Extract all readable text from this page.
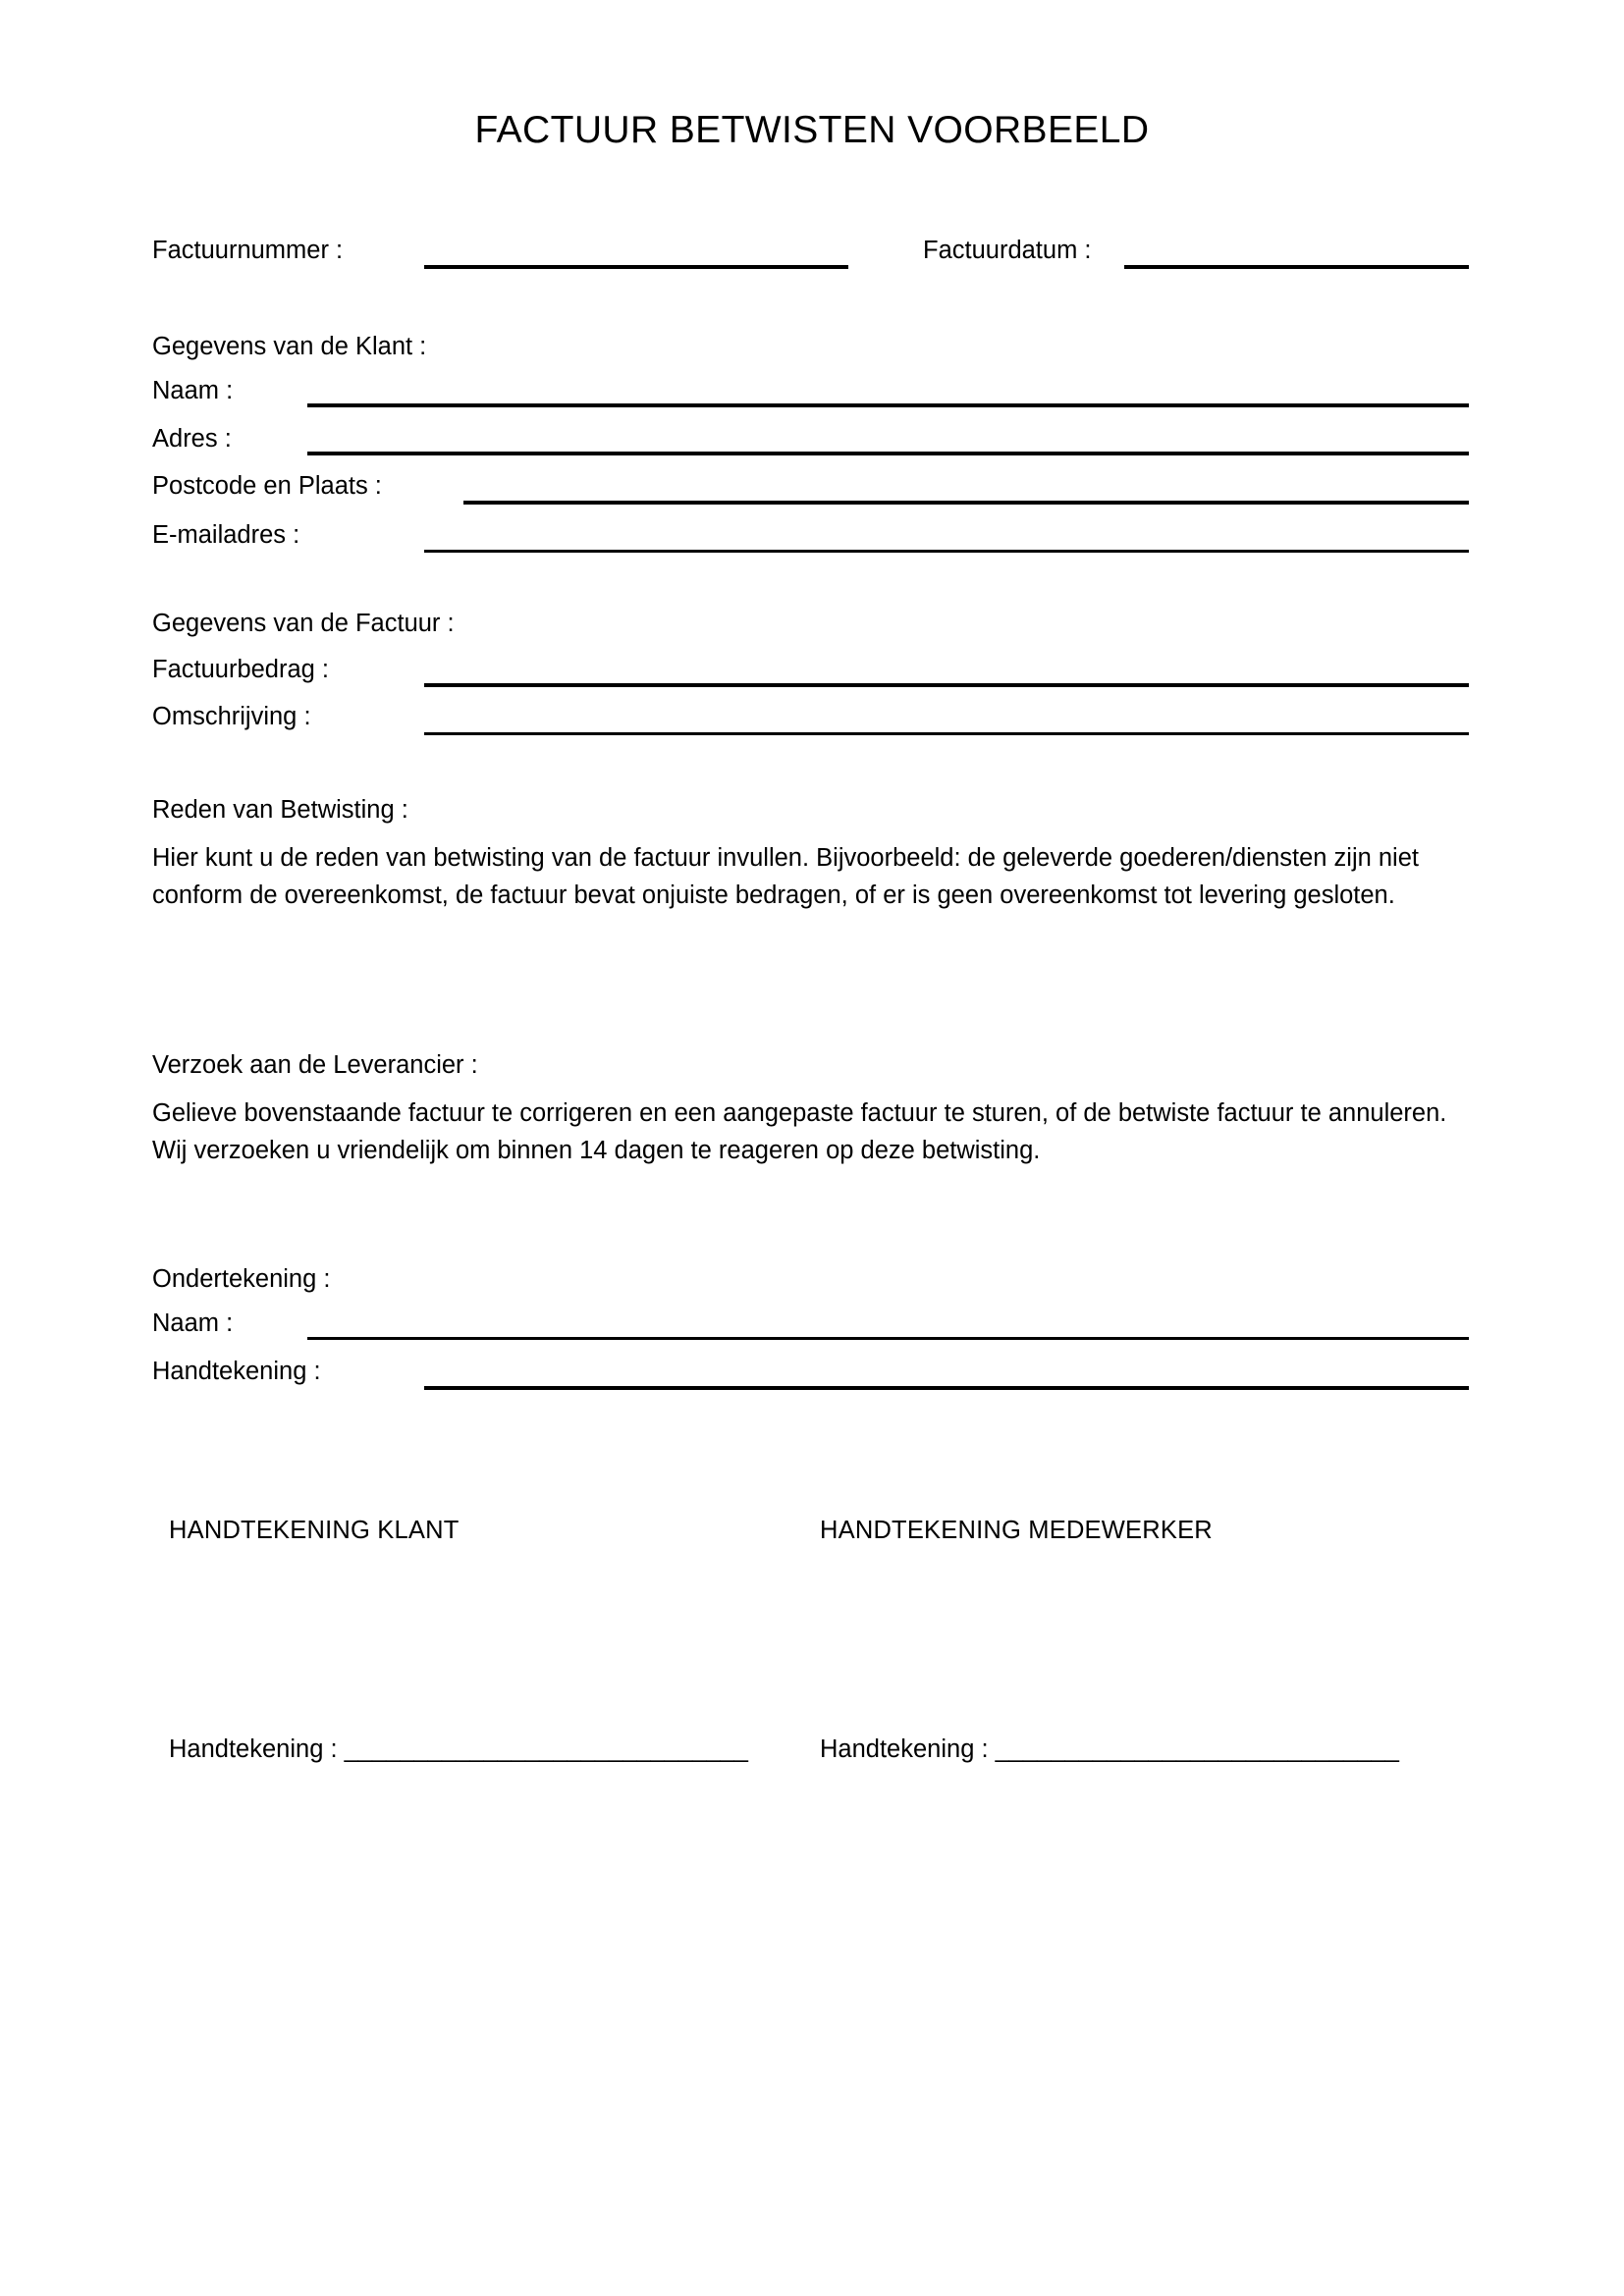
FACTUUR BETWISTEN VOORBEELD
Factuurnummer :	Factuurdatum :
Gegevens van de Klant :
Naam :
Adres :
Postcode en Plaats :
E-mailadres :
Gegevens van de Factuur :
Factuurbedrag :
Omschrijving :
Reden van Betwisting :
Hier kunt u de reden van betwisting van de factuur invullen. Bijvoorbeeld: de geleverde goederen/diensten zijn niet conform de overeenkomst, de factuur bevat onjuiste bedragen, of er is geen overeenkomst tot levering gesloten.
Verzoek aan de Leverancier :
Gelieve bovenstaande factuur te corrigeren en een aangepaste factuur te sturen, of de betwiste factuur te annuleren. Wij verzoeken u vriendelijk om binnen 14 dagen te reageren op deze betwisting.
Ondertekening :
Naam :
Handtekening :
HANDTEKENING KLANT	HANDTEKENING MEDEWERKER
Handtekening : _____________________________	Handtekening : _____________________________
